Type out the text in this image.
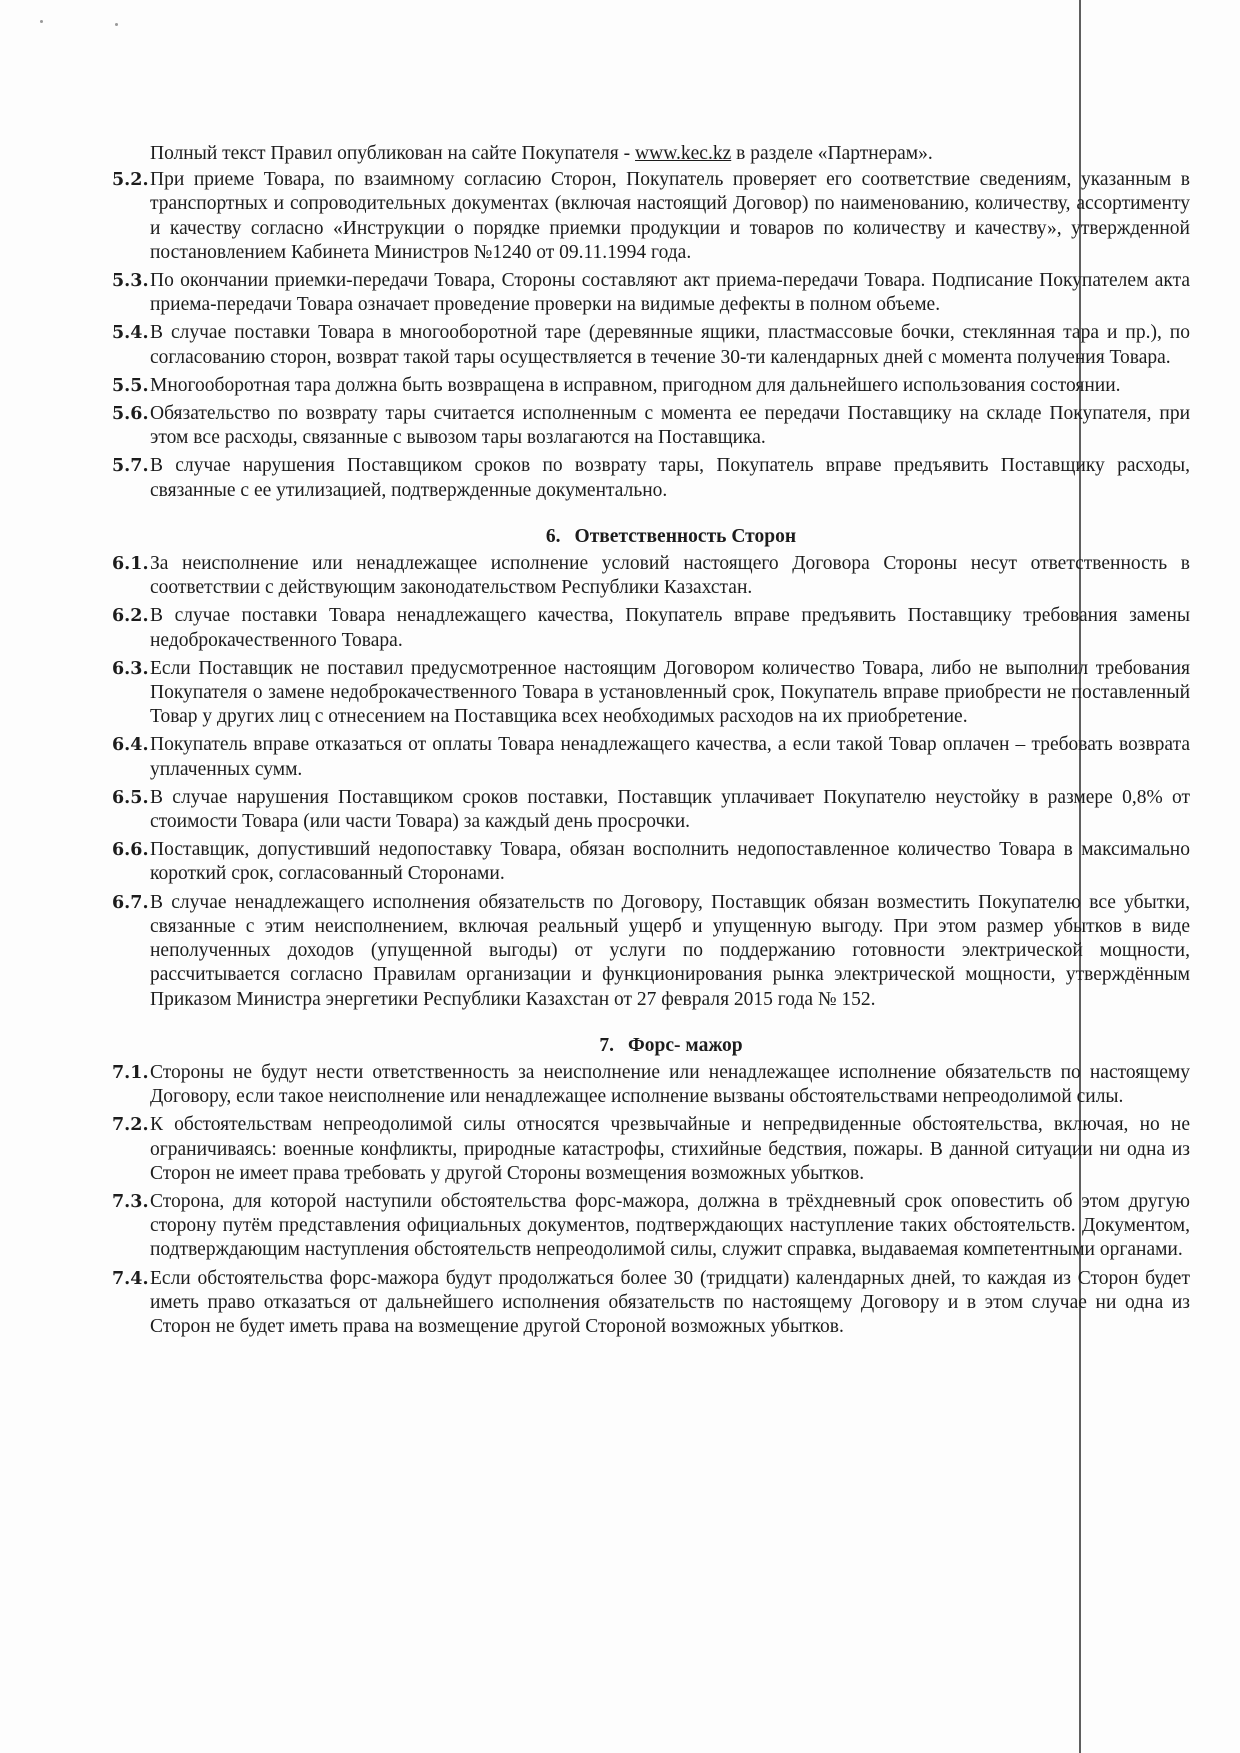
Полный текст Правил опубликован на сайте Покупателя - www.kec.kz в разделе «Партнерам».
5.2. При приеме Товара, по взаимному согласию Сторон, Покупатель проверяет его соответствие сведениям, указанным в транспортных и сопроводительных документах (включая настоящий Договор) по наименованию, количеству, ассортименту и качеству согласно «Инструкции о порядке приемки продукции и товаров по количеству и качеству», утвержденной постановлением Кабинета Министров №1240 от 09.11.1994 года.
5.3. По окончании приемки-передачи Товара, Стороны составляют акт приема-передачи Товара. Подписание Покупателем акта приема-передачи Товара означает проведение проверки на видимые дефекты в полном объеме.
5.4. В случае поставки Товара в многооборотной таре (деревянные ящики, пластмассовые бочки, стеклянная тара и пр.), по согласованию сторон, возврат такой тары осуществляется в течение 30-ти календарных дней с момента получения Товара.
5.5. Многооборотная тара должна быть возвращена в исправном, пригодном для дальнейшего использования состоянии.
5.6. Обязательство по возврату тары считается исполненным с момента ее передачи Поставщику на складе Покупателя, при этом все расходы, связанные с вывозом тары возлагаются на Поставщика.
5.7. В случае нарушения Поставщиком сроков по возврату тары, Покупатель вправе предъявить Поставщику расходы, связанные с ее утилизацией, подтвержденные документально.
6. Ответственность Сторон
6.1. За неисполнение или ненадлежащее исполнение условий настоящего Договора Стороны несут ответственность в соответствии с действующим законодательством Республики Казахстан.
6.2. В случае поставки Товара ненадлежащего качества, Покупатель вправе предъявить Поставщику требования замены недоброкачественного Товара.
6.3. Если Поставщик не поставил предусмотренное настоящим Договором количество Товара, либо не выполнил требования Покупателя о замене недоброкачественного Товара в установленный срок, Покупатель вправе приобрести не поставленный Товар у других лиц с отнесением на Поставщика всех необходимых расходов на их приобретение.
6.4. Покупатель вправе отказаться от оплаты Товара ненадлежащего качества, а если такой Товар оплачен – требовать возврата уплаченных сумм.
6.5. В случае нарушения Поставщиком сроков поставки, Поставщик уплачивает Покупателю неустойку в размере 0,8% от стоимости Товара (или части Товара) за каждый день просрочки.
6.6. Поставщик, допустивший недопоставку Товара, обязан восполнить недопоставленное количество Товара в максимально короткий срок, согласованный Сторонами.
6.7. В случае ненадлежащего исполнения обязательств по Договору, Поставщик обязан возместить Покупателю все убытки, связанные с этим неисполнением, включая реальный ущерб и упущенную выгоду. При этом размер убытков в виде неполученных доходов (упущенной выгоды) от услуги по поддержанию готовности электрической мощности, рассчитывается согласно Правилам организации и функционирования рынка электрической мощности, утверждённым Приказом Министра энергетики Республики Казахстан от 27 февраля 2015 года № 152.
7. Форс- мажор
7.1. Стороны не будут нести ответственность за неисполнение или ненадлежащее исполнение обязательств по настоящему Договору, если такое неисполнение или ненадлежащее исполнение вызваны обстоятельствами непреодолимой силы.
7.2. К обстоятельствам непреодолимой силы относятся чрезвычайные и непредвиденные обстоятельства, включая, но не ограничиваясь: военные конфликты, природные катастрофы, стихийные бедствия, пожары. В данной ситуации ни одна из Сторон не имеет права требовать у другой Стороны возмещения возможных убытков.
7.3. Сторона, для которой наступили обстоятельства форс-мажора, должна в трёхдневный срок оповестить об этом другую сторону путём представления официальных документов, подтверждающих наступление таких обстоятельств. Документом, подтверждающим наступления обстоятельств непреодолимой силы, служит справка, выдаваемая компетентными органами.
7.4. Если обстоятельства форс-мажора будут продолжаться более 30 (тридцати) календарных дней, то каждая из Сторон будет иметь право отказаться от дальнейшего исполнения обязательств по настоящему Договору и в этом случае ни одна из Сторон не будет иметь права на возмещение другой Стороной возможных убытков.
